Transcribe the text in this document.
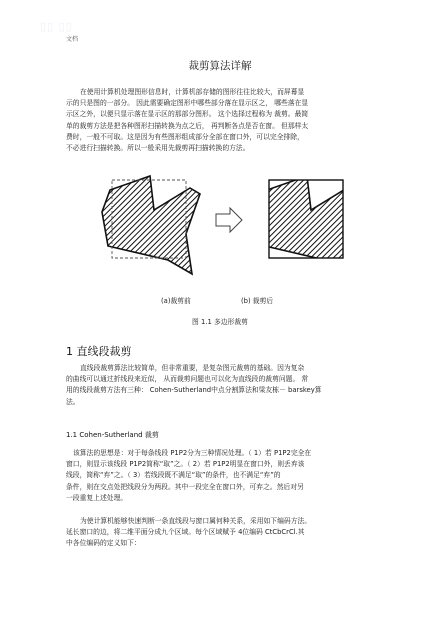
▯▯ ▯▯
文档
裁剪算法详解
在使用计算机处理图形信息时，计算机部存储的图形往往比较大，而屏幕显
示的只是图的一部分。 因此需要确定图形中哪些部分落在显示区之， 哪些落在显
示区之外，以便只显示落在显示区的那部分图形。 这个选择过程称为 裁剪。最简
单的裁剪方法是把各种图形扫描转换为点之后， 再判断各点是否在窗。 但那样太
费时，一般不可取。这是因为有些图形组成部分全部在窗口外，可以完全排除，
不必进行扫描转换。所以一般采用先裁剪再扫描转换的方法。
(a)裁剪前	(b) 裁剪后
图 1.1 多边形裁剪
1 直线段裁剪
直线段裁剪算法比较简单，但非常重要，是复杂图元裁剪的基础。因为复杂
的曲线可以通过折线段来近似， 从而裁剪问题也可以化为直线段的裁剪问题。 常
用的线段裁剪方法有三种： Cohen-Sutherland中点分割算法和梁友栋－ barskey算
法。
1.1 Cohen-Sutherland 裁剪
该算法的思想是：对于每条线段 P1P2分为三种情况处理。（ 1）若 P1P2完全在
窗口，则显示该线段 P1P2简称“取”之。（ 2）若 P1P2明显在窗口外，则丢弃该
线段，简称“弃”之。（ 3）若线段既不满足“取”的条件，也不满足“弃”的
条件，则在交点处把线段分为两段。其中一段完全在窗口外，可弃之。然后对另
一段重复上述处理。
为使计算机能够快速判断一条直线段与窗口属何种关系，采用如下编码方法。
延长窗口的边，将二维平面分成九个区域。每个区域赋予 4位编码 CtCbCrCl.其
中各位编码的定义如下：
